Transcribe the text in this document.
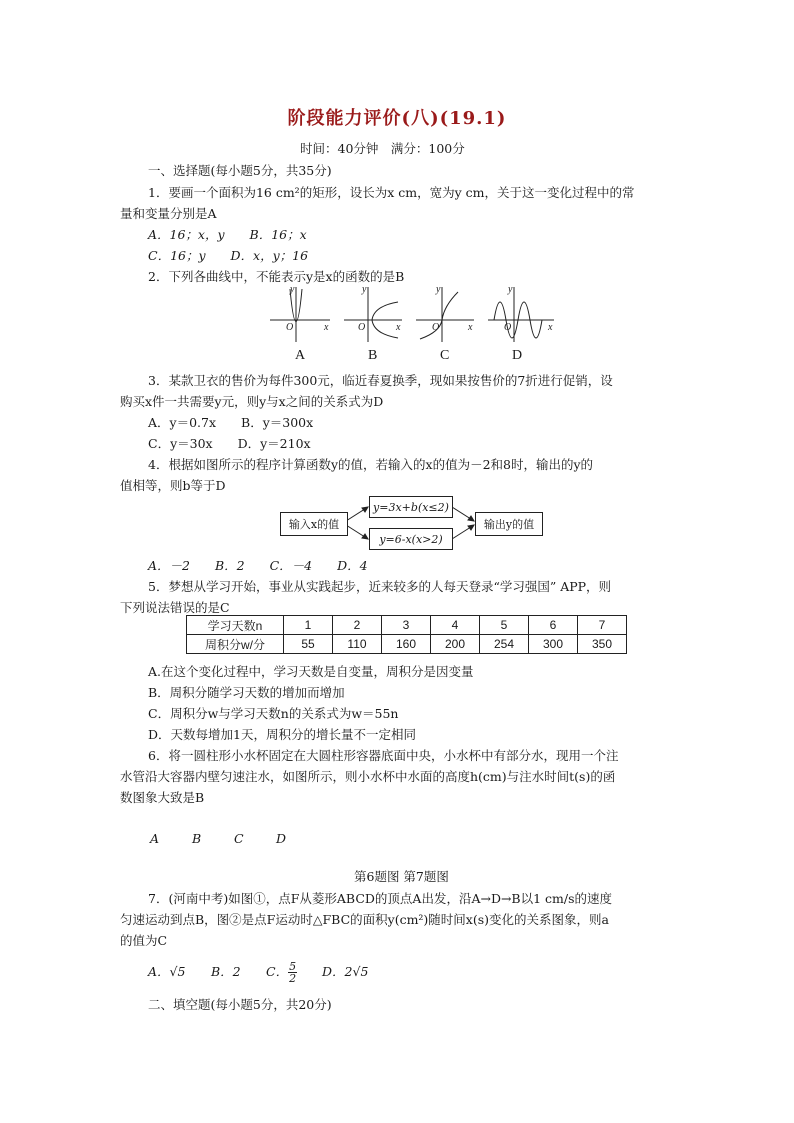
阶段能力评价(八)(19.1)
时间：40分钟　满分：100分
一、选择题(每小题5分，共35分)
1．要画一个面积为16 cm²的矩形，设长为x cm，宽为y cm，关于这一变化过程中的常
量和变量分别是A
A．16；x，y　　B．16；x
C．16；y　　D．x，y；16
2．下列各曲线中，不能表示y是x的函数的是B
y
x
O
y
x
O
y
x
O
y
x
O
A	B	C	D
3．某款卫衣的售价为每件300元，临近春夏换季，现如果按售价的7折进行促销，设
购买x件一共需要y元，则y与x之间的关系式为D
A．y＝0.7x　　B．y＝300x
C．y＝30x　　D．y＝210x
4．根据如图所示的程序计算函数y的值，若输入的x的值为－2和8时，输出的y的
值相等，则b等于D
输入x的值
y=3x+b(x≤2)
y=6-x(x>2)
输出y的值
A．－2　　B．2　　C．－4　　D．4
5．梦想从学习开始，事业从实践起步，近来较多的人每天登录“学习强国” APP，则
下列说法错误的是C
学习天数n	1	2	3	4	5	6	7
周积分w/分	55	110	160	200	254	300	350
A.在这个变化过程中，学习天数是自变量，周积分是因变量
B．周积分随学习天数的增加而增加
C．周积分w与学习天数n的关系式为w＝55n
D．天数每增加1天，周积分的增长量不一定相同
6．将一圆柱形小水杯固定在大圆柱形容器底面中央，小水杯中有部分水，现用一个注
水管沿大容器内壁匀速注水，如图所示，则小水杯中水面的高度h(cm)与注水时间t(s)的函
数图象大致是B
A	B	C	D
第6题图 第7题图
7．(河南中考)如图①，点F从菱形ABCD的顶点A出发，沿A→D→B以1 cm/s的速度
匀速运动到点B，图②是点F运动时△FBC的面积y(cm²)随时间x(s)变化的关系图象，则a
的值为C
A．√5 B．2 C． $\frac{5}{2}$ D．2√5
二、填空题(每小题5分，共20分)
